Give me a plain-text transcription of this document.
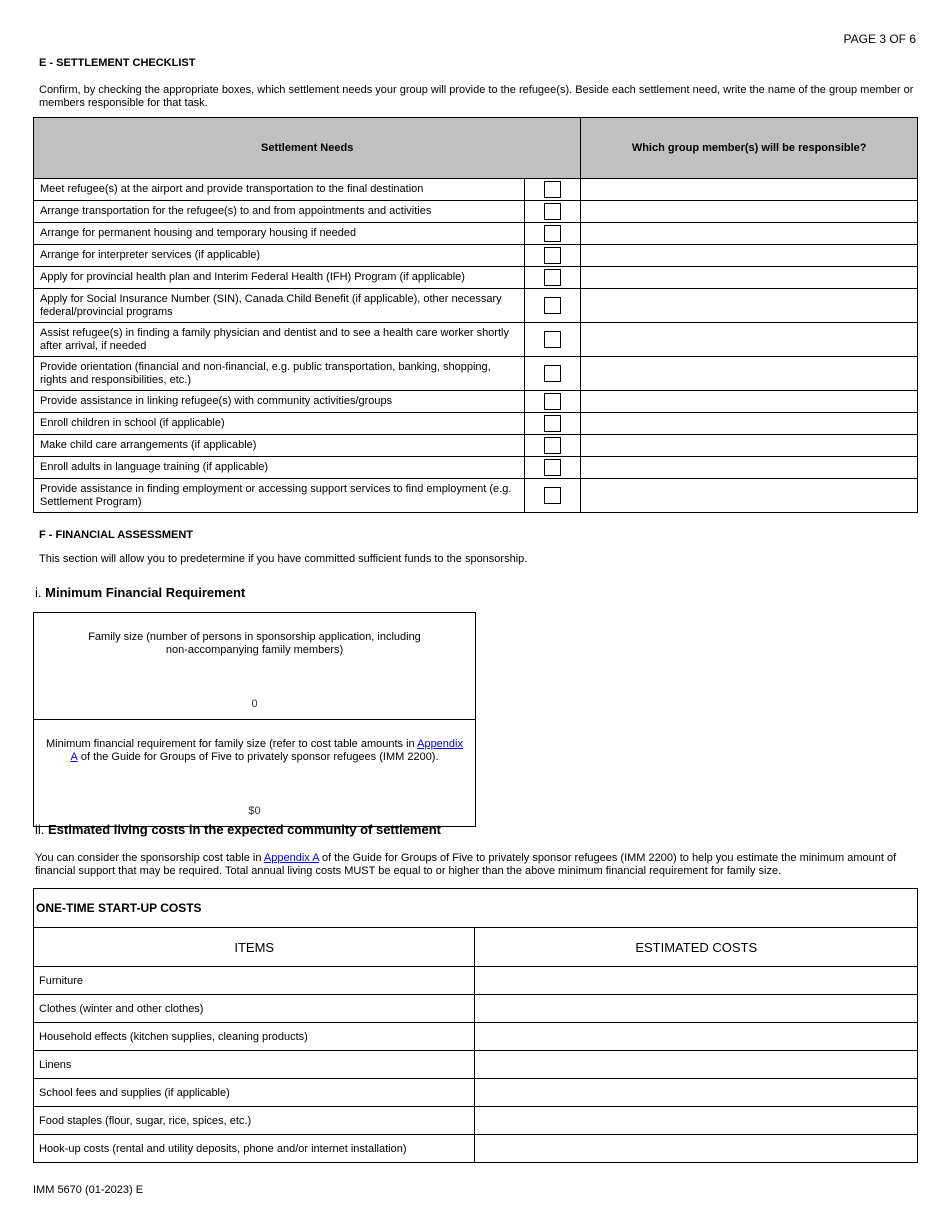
PAGE 3 OF 6
E - SETTLEMENT CHECKLIST
Confirm, by checking the appropriate boxes, which settlement needs your group will provide to the refugee(s). Beside each settlement need, write the name of the group member or members responsible for that task.
Settlement Needs		Which group member(s) will be responsible?
Meet refugee(s) at the airport and provide transportation to the final destination		
Arrange transportation for the refugee(s) to and from appointments and activities		
Arrange for permanent housing and temporary housing if needed		
Arrange for interpreter services (if applicable)		
Apply for provincial health plan and Interim Federal Health (IFH) Program (if applicable)		
Apply for Social Insurance Number (SIN), Canada Child Benefit (if applicable), other necessary federal/provincial programs		
Assist refugee(s) in finding a family physician and dentist and to see a health care worker shortly after arrival, if needed		
Provide orientation (financial and non-financial, e.g. public transportation, banking, shopping, rights and responsibilities, etc.)		
Provide assistance in linking refugee(s) with community activities/groups		
Enroll children in school (if applicable)		
Make child care arrangements (if applicable)		
Enroll adults in language training (if applicable)		
Provide assistance in finding employment or accessing support services to find employment (e.g. Settlement Program)		
F - FINANCIAL ASSESSMENT
This section will allow you to predetermine if you have committed sufficient funds to the sponsorship.
i. Minimum Financial Requirement
Family size (number of persons in sponsorship application, including non-accompanying family members)
0

Minimum financial requirement for family size (refer to cost table amounts in Appendix A of the Guide for Groups of Five to privately sponsor refugees (IMM 2200).
$0
ii. Estimated living costs in the expected community of settlement
You can consider the sponsorship cost table in Appendix A of the Guide for Groups of Five to privately sponsor refugees (IMM 2200) to help you estimate the minimum amount of financial support that may be required. Total annual living costs MUST be equal to or higher than the above minimum financial requirement for family size.
ONE-TIME START-UP COSTS	
ITEMS	ESTIMATED COSTS
Furniture	
Clothes (winter and other clothes)	
Household effects (kitchen supplies, cleaning products)	
Linens	
School fees and supplies (if applicable)	
Food staples (flour, sugar, rice, spices, etc.)	
Hook-up costs (rental and utility deposits, phone and/or internet installation)	
IMM 5670 (01-2023) E
